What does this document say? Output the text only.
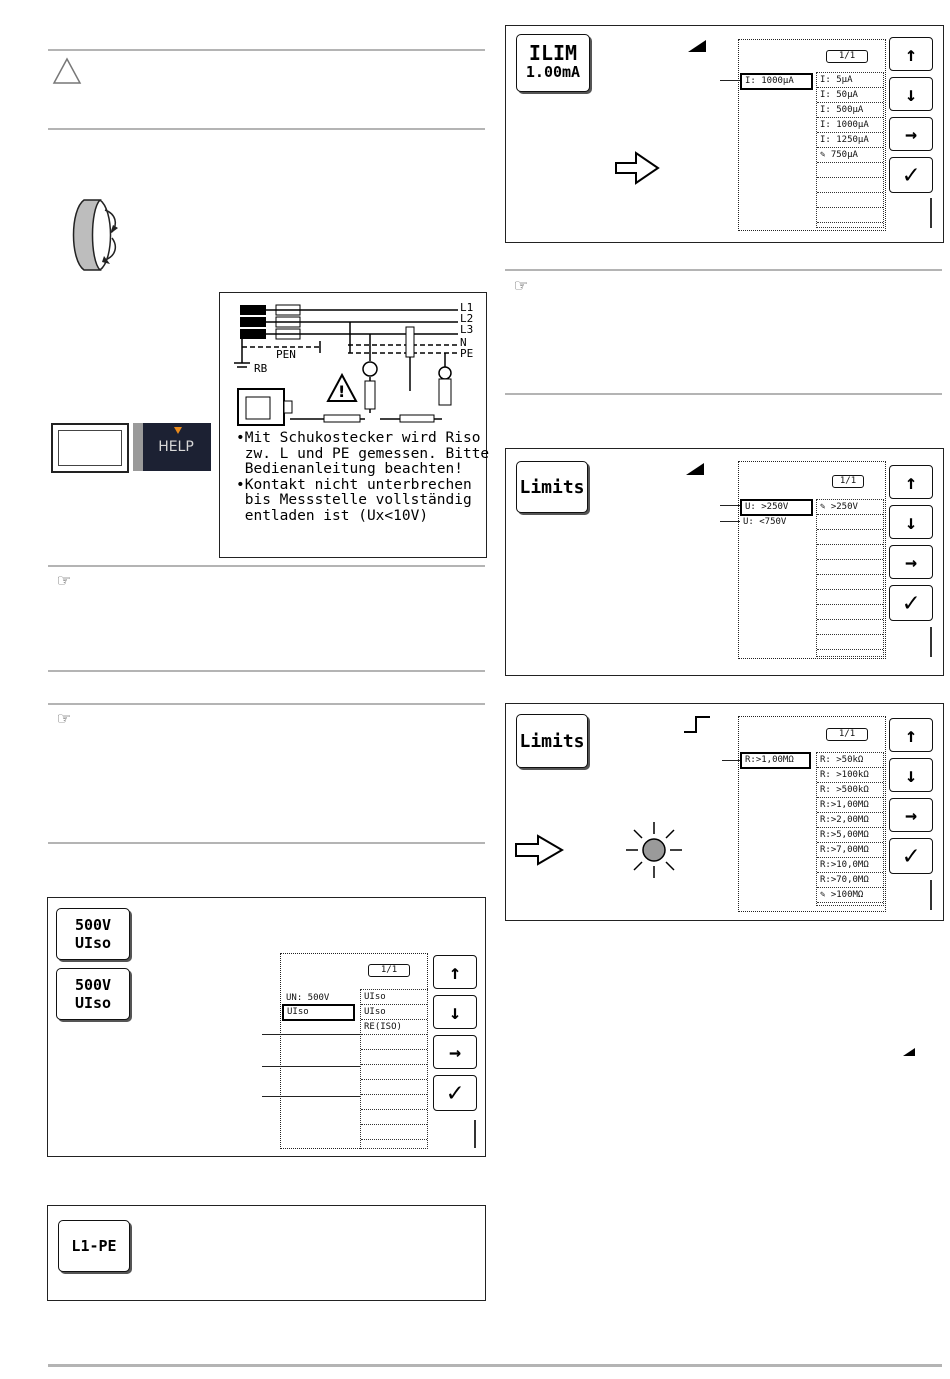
HELP
!
L1
L2
L3
N
PE
PEN
RB
•Mit Schukostecker wird Riso
zw. L und PE gemessen. Bitte
Bedienanleitung beachten!
•Kontakt nicht unterbrechen
bis Messstelle vollständig
entladen ist (Ux<10V)
☞
☞
500V
UIso
500V
UIso
1/1
UN: 500V
UIso
UIso
UIso
RE(ISO)
↑
↓
→
✓
L1-PE
ILIM
1.00mA
1/1
I: 1000μA	I: 5μA
I: 50μA
I: 500μA
I: 1000μA
I: 1250μA
✎ 750μA
↑
↓
→
✓
☞
Limits	1/1
U: >250V
U: <750V
✎ >250V
↑
↓
→
✓
Limits	1/1
R:>1,00MΩ	R: >50kΩ
R: >100kΩ
R: >500kΩ
R:>1,00MΩ
R:>2,00MΩ
R:>5,00MΩ
R:>7,00MΩ
R:>10,0MΩ
R:>70,0MΩ
✎ >100MΩ
↑
↓
→
✓
